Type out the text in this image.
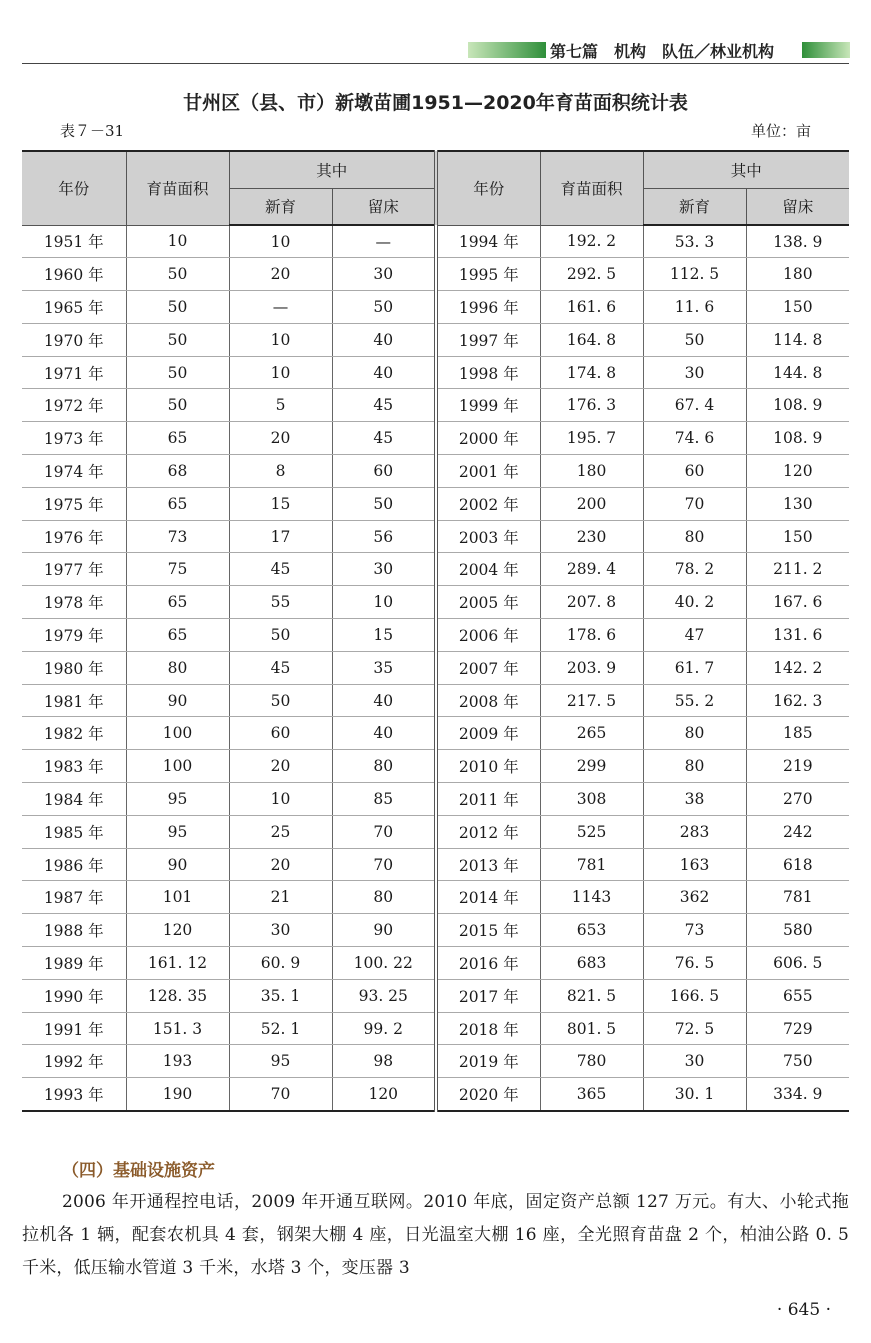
第七篇　机构　队伍／林业机构
甘州区（县、市）新墩苗圃1951—2020年育苗面积统计表
表７－31	单位：亩
年份	育苗面积	其中		年份	育苗面积	其中	
		新育	留床			新育	留床
1951 年	10	10	—	1994 年	192. 2	53. 3	138. 9
1960 年	50	20	30	1995 年	292. 5	112. 5	180
1965 年	50	—	50	1996 年	161. 6	11. 6	150
1970 年	50	10	40	1997 年	164. 8	50	114. 8
1971 年	50	10	40	1998 年	174. 8	30	144. 8
1972 年	50	5	45	1999 年	176. 3	67. 4	108. 9
1973 年	65	20	45	2000 年	195. 7	74. 6	108. 9
1974 年	68	8	60	2001 年	180	60	120
1975 年	65	15	50	2002 年	200	70	130
1976 年	73	17	56	2003 年	230	80	150
1977 年	75	45	30	2004 年	289. 4	78. 2	211. 2
1978 年	65	55	10	2005 年	207. 8	40. 2	167. 6
1979 年	65	50	15	2006 年	178. 6	47	131. 6
1980 年	80	45	35	2007 年	203. 9	61. 7	142. 2
1981 年	90	50	40	2008 年	217. 5	55. 2	162. 3
1982 年	100	60	40	2009 年	265	80	185
1983 年	100	20	80	2010 年	299	80	219
1984 年	95	10	85	2011 年	308	38	270
1985 年	95	25	70	2012 年	525	283	242
1986 年	90	20	70	2013 年	781	163	618
1987 年	101	21	80	2014 年	1143	362	781
1988 年	120	30	90	2015 年	653	73	580
1989 年	161. 12	60. 9	100. 22	2016 年	683	76. 5	606. 5
1990 年	128. 35	35. 1	93. 25	2017 年	821. 5	166. 5	655
1991 年	151. 3	52. 1	99. 2	2018 年	801. 5	72. 5	729
1992 年	193	95	98	2019 年	780	30	750
1993 年	190	70	120	2020 年	365	30. 1	334. 9
（四）基础设施资产
2006 年开通程控电话，2009 年开通互联网。2010 年底，固定资产总额 127 万元。有大、小轮式拖拉机各 1 辆，配套农机具 4 套，钢架大棚 4 座，日光温室大棚 16 座，全光照育苗盘 2 个，柏油公路 0. 5 千米，低压输水管道 3 千米，水塔 3 个，变压器 3
· 645 ·
